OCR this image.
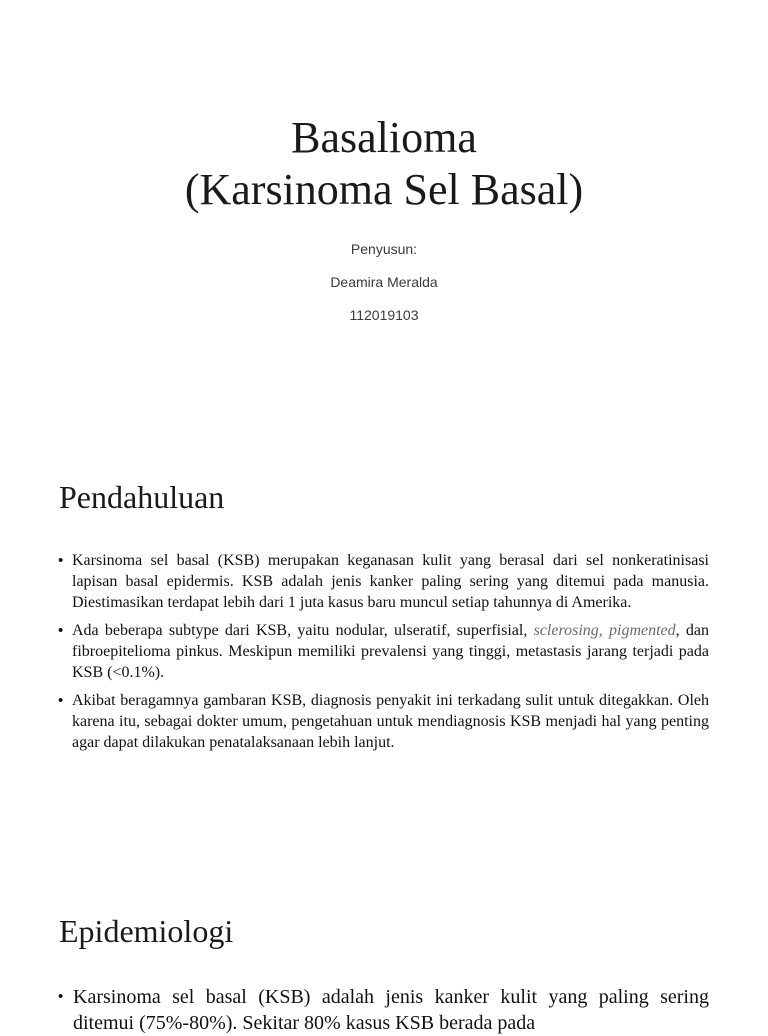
Basalioma
(Karsinoma Sel Basal)
Penyusun:
Deamira Meralda
112019103
Pendahuluan
• Karsinoma sel basal (KSB) merupakan keganasan kulit yang berasal dari sel nonkeratinisasi lapisan basal epidermis. KSB adalah jenis kanker paling sering yang ditemui pada manusia. Diestimasikan terdapat lebih dari 1 juta kasus baru muncul setiap tahunnya di Amerika.
• Ada beberapa subtype dari KSB, yaitu nodular, ulseratif, superfisial, sclerosing, pigmented, dan fibroepitelioma pinkus. Meskipun memiliki prevalensi yang tinggi, metastasis jarang terjadi pada KSB (<0.1%).
• Akibat beragamnya gambaran KSB, diagnosis penyakit ini terkadang sulit untuk ditegakkan. Oleh karena itu, sebagai dokter umum, pengetahuan untuk mendiagnosis KSB menjadi hal yang penting agar dapat dilakukan penatalaksanaan lebih lanjut.
Epidemiologi
• Karsinoma sel basal (KSB) adalah jenis kanker kulit yang paling sering ditemui (75%-80%). Sekitar 80% kasus KSB berada pada
